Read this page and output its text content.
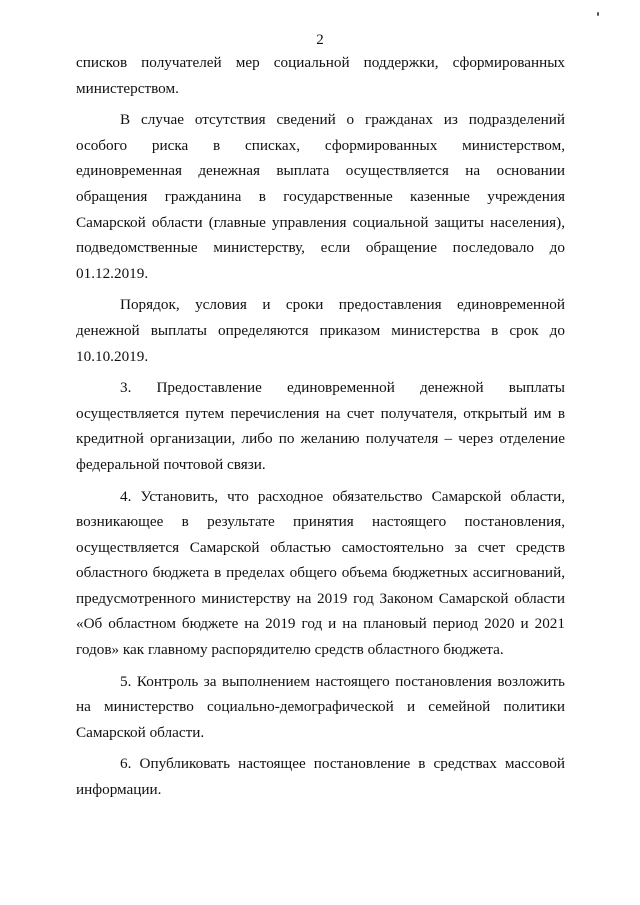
2

списков получателей мер социальной поддержки, сформированных министерством.

В случае отсутствия сведений о гражданах из подразделений особого риска в списках, сформированных министерством, единовременная денежная выплата осуществляется на основании обращения гражданина в государственные казенные учреждения Самарской области (главные управления социальной защиты населения), подведомственные министерству, если обращение последовало до 01.12.2019.

Порядок, условия и сроки предоставления единовременной денежной выплаты определяются приказом министерства в срок до 10.10.2019.

3. Предоставление единовременной денежной выплаты осуществляется путем перечисления на счет получателя, открытый им в кредитной организации, либо по желанию получателя – через отделение федеральной почтовой связи.

4. Установить, что расходное обязательство Самарской области, возникающее в результате принятия настоящего постановления, осуществляется Самарской областью самостоятельно за счет средств областного бюджета в пределах общего объема бюджетных ассигнований, предусмотренного министерству на 2019 год Законом Самарской области «Об областном бюджете на 2019 год и на плановый период 2020 и 2021 годов» как главному распорядителю средств областного бюджета.

5. Контроль за выполнением настоящего постановления возложить на министерство социально-демографической и семейной политики Самарской области.

6. Опубликовать настоящее постановление в средствах массовой информации.
